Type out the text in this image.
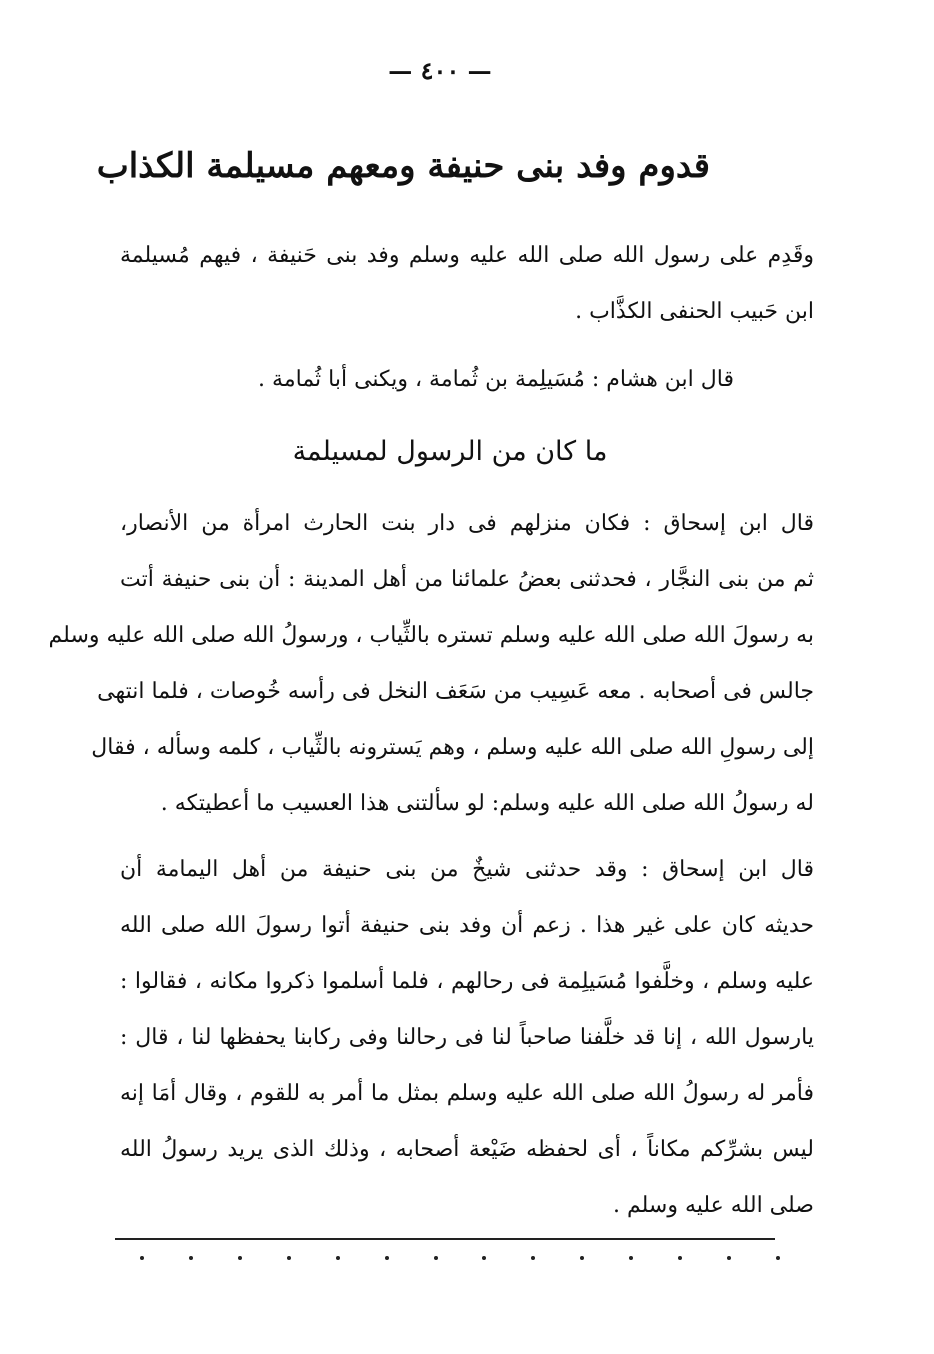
— ٤٠٠ —
قدوم وفد بنى حنيفة ومعهم مسيلمة الكذاب
وقَدِم على رسول الله صلى الله عليه وسلم وفد بنى حَنيفة ، فيهم مُسيلمة
ابن حَبيب الحنفى الكذَّاب .
قال ابن هشام : مُسَيلِمة بن ثُمامة ، ويكنى أبا ثُمامة .
ما كان من الرسول لمسيلمة
قال ابن إسحاق : فكان منزلهم فى دار بنت الحارث امرأة من الأنصار،
ثم من بنى النجَّار ، فحدثنى بعضُ علمائنا من أهل المدينة : أن بنى حنيفة أتت
به رسولَ الله صلى الله عليه وسلم تستره بالثِّياب ، ورسولُ الله صلى الله عليه وسلم
جالس فى أصحابه . معه عَسِيب من سَعَف النخل فى رأسه خُوصات ، فلما انتهى
إلى رسولِ الله صلى الله عليه وسلم ، وهم يَسترونه بالثِّياب ، كلمه وسأله ، فقال
له رسولُ الله صلى الله عليه وسلم: لو سألتنى هذا العسيب ما أعطيتكه .
قال ابن إسحاق : وقد حدثنى شيخٌ من بنى حنيفة من أهل اليمامة أن
حديثه كان على غير هذا . زعم أن وفد بنى حنيفة أتوا رسولَ الله صلى الله
عليه وسلم ، وخلَّفوا مُسَيلِمة فى رحالهم ، فلما أسلموا ذكروا مكانه ، فقالوا :
يارسول الله ، إنا قد خلَّفنا صاحباً لنا فى رحالنا وفى ركابنا يحفظها لنا ، قال :
فأمر له رسولُ الله صلى الله عليه وسلم بمثل ما أمر به للقوم ، وقال أمَا إنه
ليس بشرِّكم مكاناً ، أى لحفظه ضَيْعة أصحابه ، وذلك الذى يريد رسولُ الله
صلى الله عليه وسلم .
